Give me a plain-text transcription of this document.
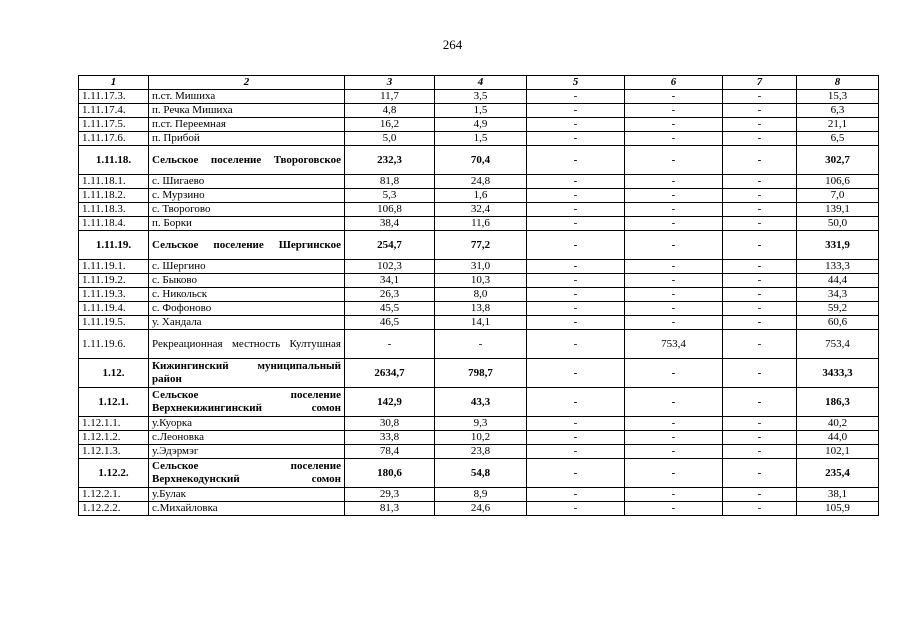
264
1	2	3	4	5	6	7	8
1.11.17.3.	п.ст. Мишиха	11,7	3,5	-	-	-	15,3
1.11.17.4.	п. Речка Мишиха	4,8	1,5	-	-	-	6,3
1.11.17.5.	п.ст. Переемная	16,2	4,9	-	-	-	21,1
1.11.17.6.	п. Прибой	5,0	1,5	-	-	-	6,5
1.11.18.	Сельское поселение Твороговское	232,3	70,4	-	-	-	302,7
1.11.18.1.	с. Шигаево	81,8	24,8	-	-	-	106,6
1.11.18.2.	с. Мурзино	5,3	1,6	-	-	-	7,0
1.11.18.3.	с. Творогово	106,8	32,4	-	-	-	139,1
1.11.18.4.	п. Борки	38,4	11,6	-	-	-	50,0
1.11.19.	Сельское поселение Шергинское	254,7	77,2	-	-	-	331,9
1.11.19.1.	с. Шергино	102,3	31,0	-	-	-	133,3
1.11.19.2.	с. Быково	34,1	10,3	-	-	-	44,4
1.11.19.3.	с. Никольск	26,3	8,0	-	-	-	34,3
1.11.19.4.	с. Фофоново	45,5	13,8	-	-	-	59,2
1.11.19.5.	у. Хандала	46,5	14,1	-	-	-	60,6
1.11.19.6.	Рекреационная местность Култушная	-	-	-	753,4	-	753,4
1.12.	Кижингинский муниципальный район	2634,7	798,7	-	-	-	3433,3
1.12.1.	Сельское поселение Верхнекижингинский сомон	142,9	43,3	-	-	-	186,3
1.12.1.1.	у.Куорка	30,8	9,3	-	-	-	40,2
1.12.1.2.	с.Леоновка	33,8	10,2	-	-	-	44,0
1.12.1.3.	у.Эдэрмэг	78,4	23,8	-	-	-	102,1
1.12.2.	Сельское поселение Верхнекодунский сомон	180,6	54,8	-	-	-	235,4
1.12.2.1.	у.Булак	29,3	8,9	-	-	-	38,1
1.12.2.2.	с.Михайловка	81,3	24,6	-	-	-	105,9
